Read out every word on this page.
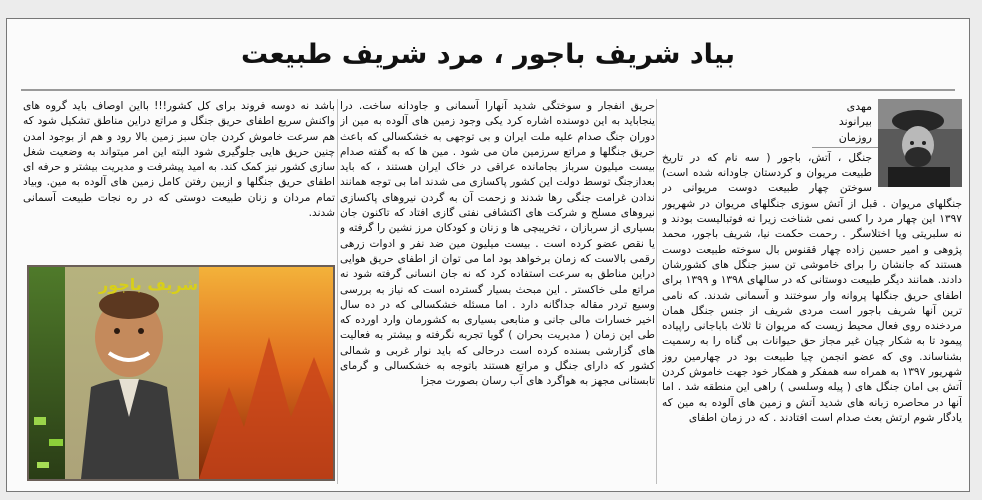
بیاد شریف باجور ، مرد شریف طبیعت
مهدی بیرانوند روزمان
جنگل ، آتش، باجور ( سه نام که در تاریخ طبیعت مریوان و کردستان جاودانه شده است) سوختن چهار طبیعت دوست مریوانی در جنگلهای مریوان . قبل از آتش سوزی جنگلهای مریوان در شهریور ۱۳۹۷ این چهار مرد را کسی نمی شناخت زیرا نه فوتبالیست بودند و نه سلبریتی ویا اختلاسگر . رحمت حکمت نیا، شریف باجور، محمد پژوهی و امیر حسین زاده چهار ققنوس بال سوخته طبیعت دوست هستند که جانشان را برای خاموشی تن سبز جنگل های کشورشان دادند. همانند دیگر طبیعت دوستانی که در سالهای ۱۳۹۸ و ۱۳۹۹ برای اطفای حریق جنگلها پروانه وار سوختند و آسمانی شدند. که نامی ترین آنها شریف باجور است مردی شریف از جنس جنگل همان مردخنده روی فعال محیط زیست که مریوان تا ثلاث باباجانی راپیاده پیمود تا به شکار چیان غیر مجاز حق حیوانات بی گناه را به رسمیت بشناساند. وی که عضو انجمن چیا طبیعت بود در چهارمین روز شهریور ۱۳۹۷ به همراه سه همفکر و همکار خود جهت خاموش کردن آتش بی امان جنگل های ( پیله وسلسی ) راهی این منطقه شد . اما آنها در محاصره زبانه های شدید آتش و زمین های آلوده به مین که یادگار شوم ارتش بعث صدام است افتادند . که در زمان اطفای
حریق انفجار و سوختگی شدید آنهارا آسمانی و جاودانه ساخت. درا ینجاباید به این دوسنده اشاره کرد یکی وجود زمین های آلوده به مین از دوران جنگ صدام علیه ملت ایران و بی توجهی به خشکسالی که باعث حریق جنگلها و مراتع سرزمین مان می شود . مین ها که به گفته صدام بیست میلیون سرباز بجامانده عراقی در خاک ایران هستند ، که باید بعدازجنگ توسط دولت این کشور پاکسازی می شدند اما بی توجه همانند ندادن غرامت جنگی رها شدند و زحمت آن به گردن نیروهای پاکسازی نیروهای مسلح و شرکت های اکتشافی نفتی گازی افتاد که تاکنون جان بسیاری از سربازان ، تخریبچی ها و زنان و کودکان مرز نشین را گرفته و یا نقص عضو کرده است . بیست میلیون مین ضد نفر و ادوات زرهی رقمی بالاست که زمان برخواهد بود اما می توان از اطفای حریق هوایی دراین مناطق به سرعت استفاده کرد که نه جان انسانی گرفته شود نه مراتع ملی خاکستر . این مبحث بسیار گسترده است که نیاز به بررسی وسیع تردر مقاله جداگانه دارد . اما مسئله خشکسالی که در ده سال اخیر خسارات مالی جانی و منابعی بسیاری به کشورمان وارد اورده که طی این زمان ( مدیریت بحران ) گویا تجربه نگرفته و بیشتر به فعالیت های گزارشی بسنده کرده است درحالی که باید نوار غربی و شمالی کشور که دارای جنگل و مراتع هستند باتوجه به خشکسالی و گرمای تابستانی مجهز به هواگرد های آب رسان بصورت مجزا
باشد نه دوسه فروند برای کل کشور!!! بااین اوصاف باید گروه های واکنش سریع اطفای حریق جنگل و مراتع دراین مناطق تشکیل شود که هم سرعت خاموش کردن جان سبز زمین بالا رود و هم از بوجود امدن چنین حریق هایی جلوگیری شود البته این امر میتواند به وضعیت شغل سازی کشور نیز کمک کند. به امید پیشرفت و مدیریت بیشتر و حرفه ای اطفای حریق جنگلها و ازبین رفتن کامل زمین های آلوده به مین. وبیاد تمام مردان و زنان طبیعت دوستی که در ره نجات طبیعت آسمانی شدند.
شریف باجور
